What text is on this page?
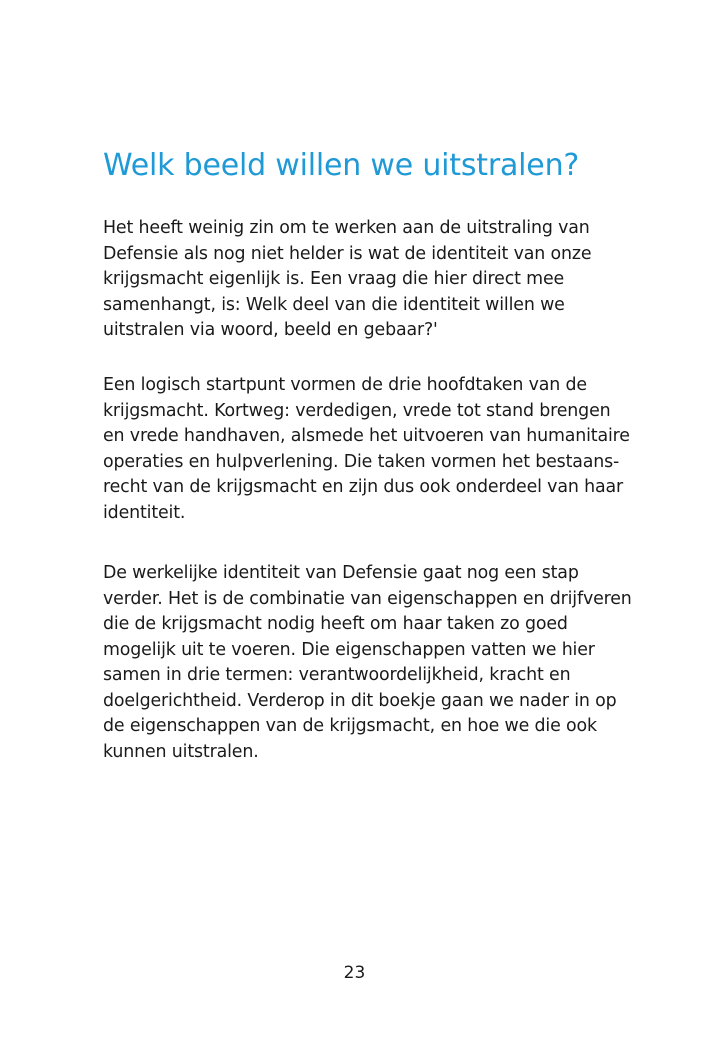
Welk beeld willen we uitstralen?

Het heeft weinig zin om te werken aan de uitstraling van
Defensie als nog niet helder is wat de identiteit van onze
krijgsmacht eigenlijk is. Een vraag die hier direct mee
samenhangt, is: Welk deel van die identiteit willen we
uitstralen via woord, beeld en gebaar?'

Een logisch startpunt vormen de drie hoofdtaken van de
krijgsmacht. Kortweg: verdedigen, vrede tot stand brengen
en vrede handhaven, alsmede het uitvoeren van humanitaire
operaties en hulpverlening. Die taken vormen het bestaans-
recht van de krijgsmacht en zijn dus ook onderdeel van haar
identiteit.

De werkelijke identiteit van Defensie gaat nog een stap
verder. Het is de combinatie van eigenschappen en drijfveren
die de krijgsmacht nodig heeft om haar taken zo goed
mogelijk uit te voeren. Die eigenschappen vatten we hier
samen in drie termen: verantwoordelijkheid, kracht en
doelgerichtheid. Verderop in dit boekje gaan we nader in op
de eigenschappen van de krijgsmacht, en hoe we die ook
kunnen uitstralen.

23
